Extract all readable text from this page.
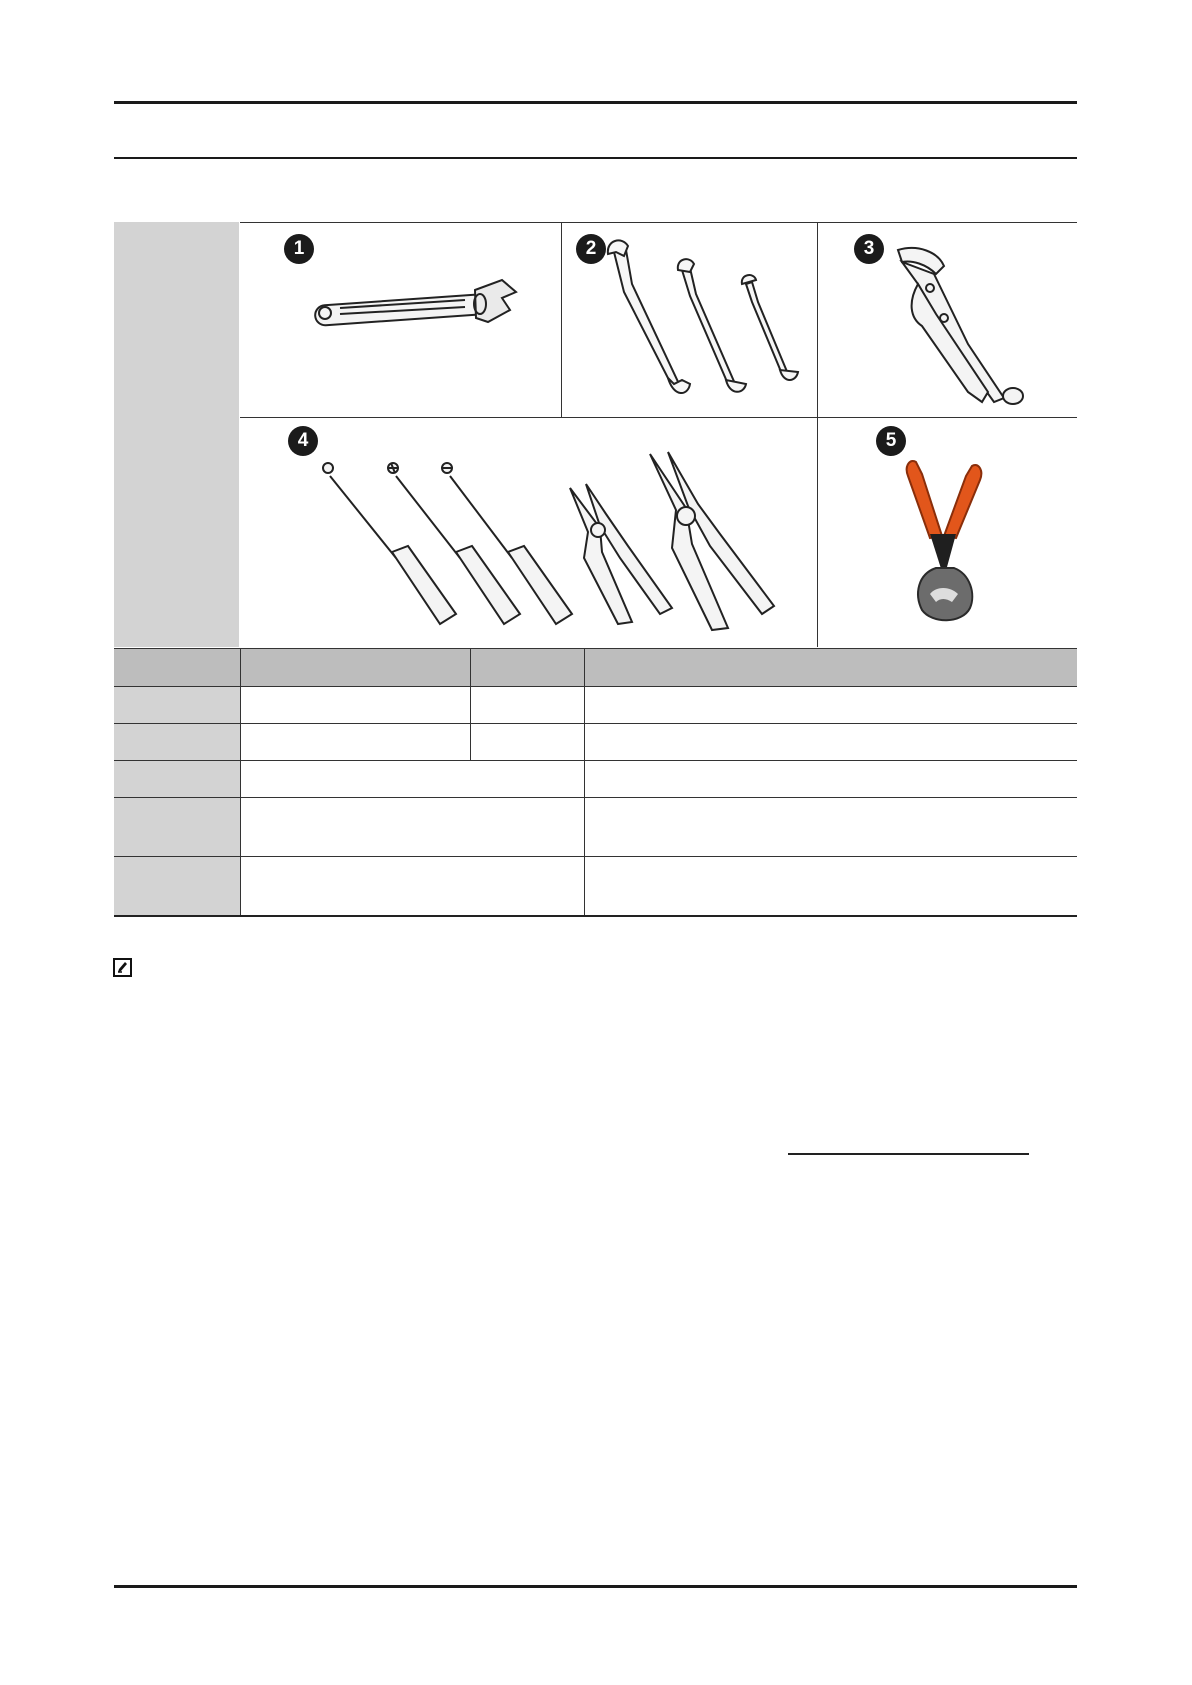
1	2	3
4	5
